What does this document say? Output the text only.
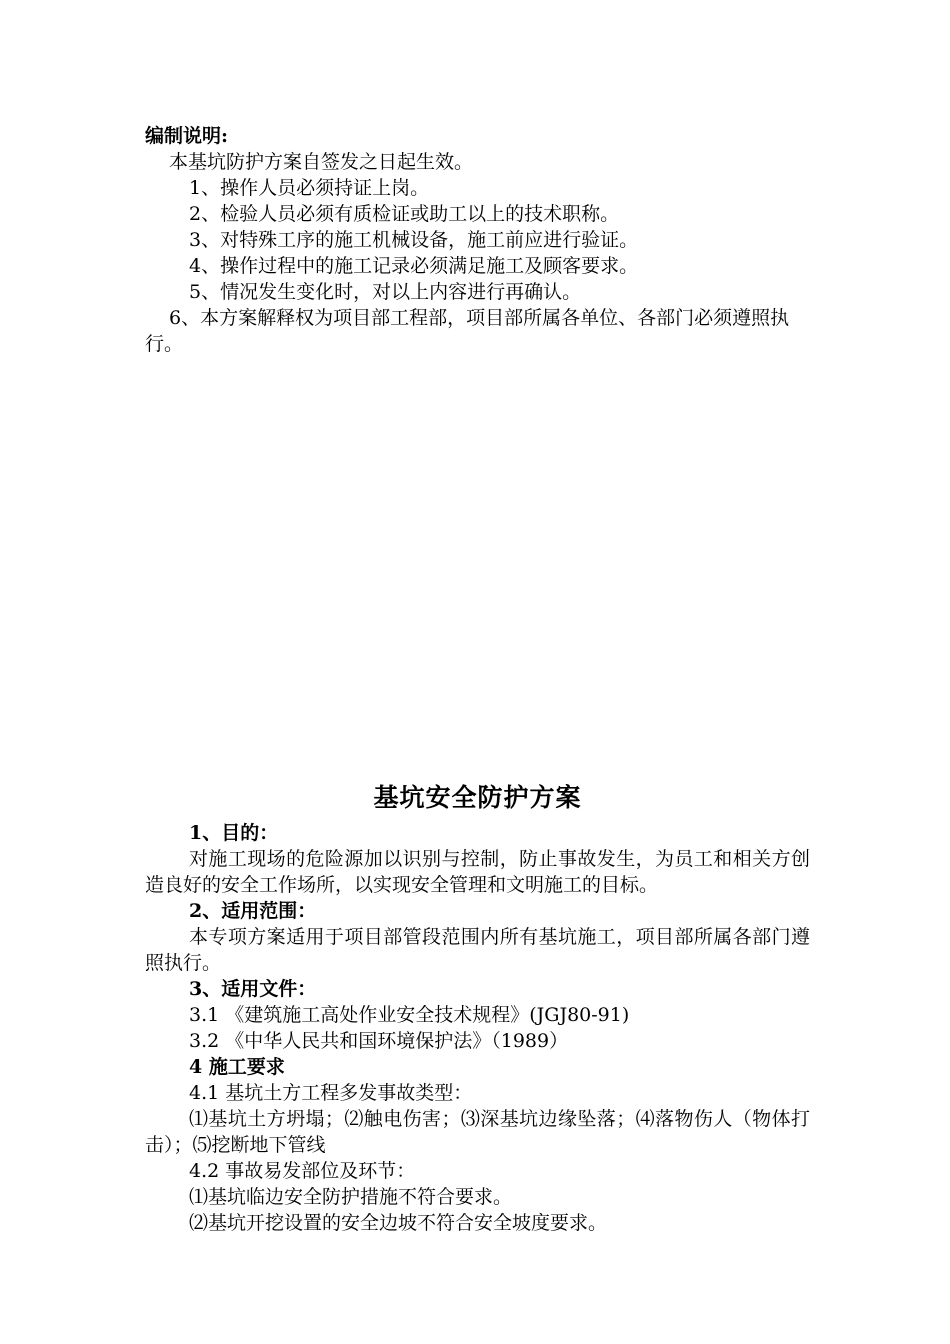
编制说明:
本基坑防护方案自签发之日起生效。
1、操作人员必须持证上岗。
2、检验人员必须有质检证或助工以上的技术职称。
3、对特殊工序的施工机械设备，施工前应进行验证。
4、操作过程中的施工记录必须满足施工及顾客要求。
5、情况发生变化时，对以上内容进行再确认。
6、本方案解释权为项目部工程部，项目部所属各单位、各部门必须遵照执行。
基坑安全防护方案
1、目的：
对施工现场的危险源加以识别与控制，防止事故发生，为员工和相关方创造良好的安全工作场所，以实现安全管理和文明施工的目标。
2、适用范围：
本专项方案适用于项目部管段范围内所有基坑施工，项目部所属各部门遵照执行。
3、适用文件：
3.1 《建筑施工高处作业安全技术规程》(JGJ80-91)
3.2 《中华人民共和国环境保护法》（1989）
4 施工要求
4.1 基坑土方工程多发事故类型：
⑴基坑土方坍塌；⑵触电伤害；⑶深基坑边缘坠落；⑷落物伤人（物体打击）；⑸挖断地下管线
4.2 事故易发部位及环节：
⑴基坑临边安全防护措施不符合要求。
⑵基坑开挖设置的安全边坡不符合安全坡度要求。
